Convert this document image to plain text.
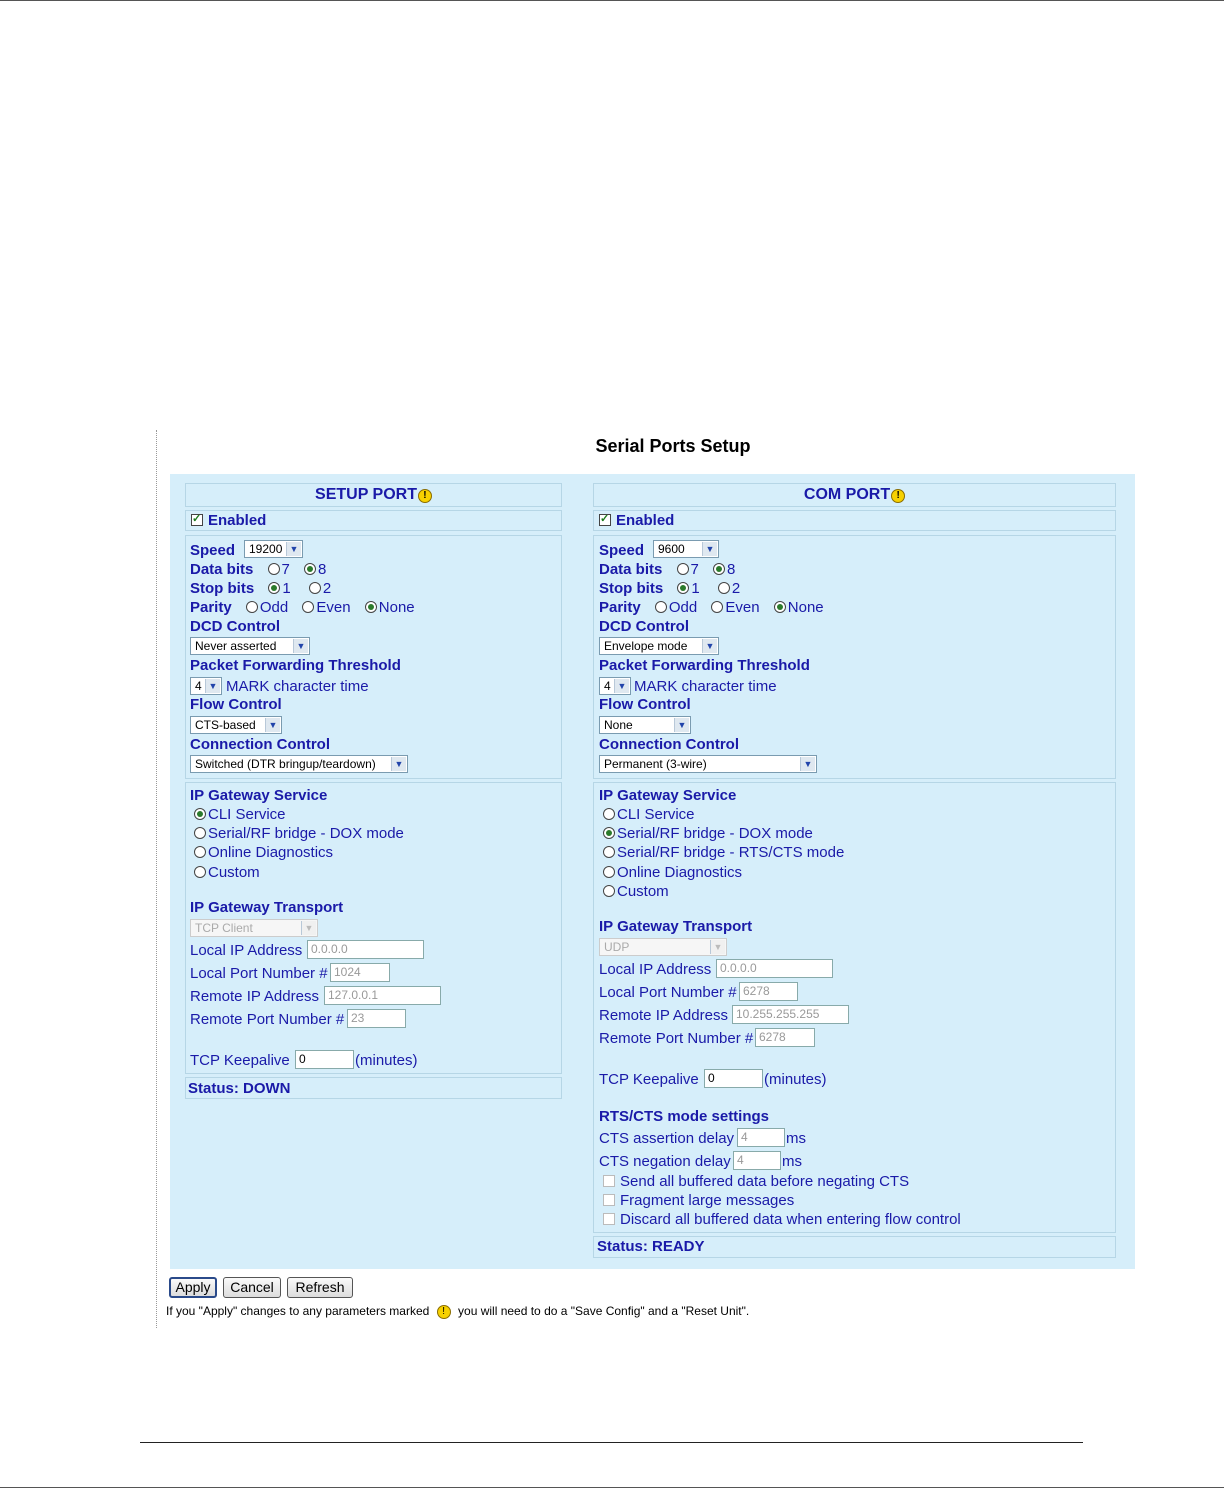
Serial Ports Setup
SETUP PORT !
✓Enabled
Speed	19200 ▼
Data bits 7 8
Stop bits 1 2
Parity Odd Even None
DCD Control
Never asserted	▼
Packet Forwarding Threshold
4 ▼ MARK character time
Flow Control
CTS-based	▼
Connection Control
Switched (DTR bringup/teardown)	▼
IP Gateway Service
CLI Service
Serial/RF bridge - DOX mode
Online Diagnostics
Custom
IP Gateway Transport
TCP Client	▼
Local IP Address 0.0.0.0
Local Port Number # 1024
Remote IP Address 127.0.0.1
Remote Port Number # 23
TCP Keepalive 0	(minutes)
Status: DOWN
COM PORT !
✓Enabled
Speed	9600	▼
Data bits 7 8
Stop bits 1 2
Parity Odd Even None
DCD Control
Envelope mode	▼
Packet Forwarding Threshold
4 ▼ MARK character time
Flow Control
None	▼
Connection Control
Permanent (3-wire)	▼
IP Gateway Service
CLI Service
Serial/RF bridge - DOX mode
Serial/RF bridge - RTS/CTS mode
Online Diagnostics
Custom
IP Gateway Transport
UDP	▼
Local IP Address 0.0.0.0
Local Port Number # 6278
Remote IP Address 10.255.255.255
Remote Port Number # 6278
TCP Keepalive 0	(minutes)
RTS/CTS mode settings
CTS assertion delay 4	ms
CTS negation delay 4	ms
Send all buffered data before negating CTS
Fragment large messages
Discard all buffered data when entering flow control
Status: READY
Apply	Cancel	Refresh
If you "Apply" changes to any parameters marked ! you will need to do a "Save Config" and a "Reset Unit".
